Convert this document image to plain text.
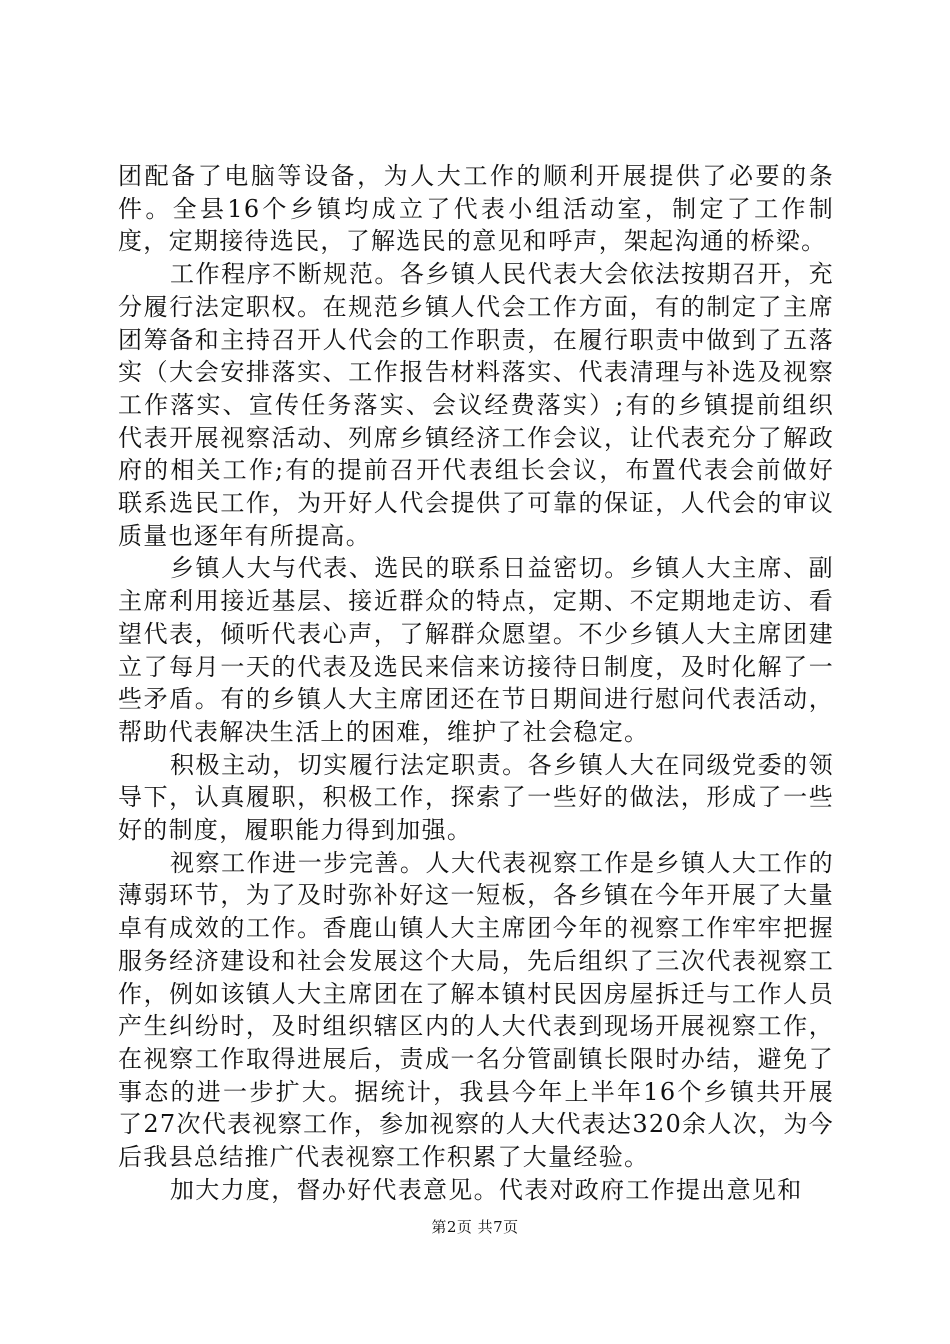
团配备了电脑等设备，为人大工作的顺利开展提供了必要的条件。全县16个乡镇均成立了代表小组活动室，制定了工作制度，定期接待选民，了解选民的意见和呼声，架起沟通的桥梁。

工作程序不断规范。各乡镇人民代表大会依法按期召开，充分履行法定职权。在规范乡镇人代会工作方面，有的制定了主席团筹备和主持召开人代会的工作职责，在履行职责中做到了五落实（大会安排落实、工作报告材料落实、代表清理与补选及视察工作落实、宣传任务落实、会议经费落实）;有的乡镇提前组织代表开展视察活动、列席乡镇经济工作会议，让代表充分了解政府的相关工作;有的提前召开代表组长会议，布置代表会前做好联系选民工作，为开好人代会提供了可靠的保证，人代会的审议质量也逐年有所提高。

乡镇人大与代表、选民的联系日益密切。乡镇人大主席、副主席利用接近基层、接近群众的特点，定期、不定期地走访、看望代表，倾听代表心声，了解群众愿望。不少乡镇人大主席团建立了每月一天的代表及选民来信来访接待日制度，及时化解了一些矛盾。有的乡镇人大主席团还在节日期间进行慰问代表活动，帮助代表解决生活上的困难，维护了社会稳定。

积极主动，切实履行法定职责。各乡镇人大在同级党委的领导下，认真履职，积极工作，探索了一些好的做法，形成了一些好的制度，履职能力得到加强。

视察工作进一步完善。人大代表视察工作是乡镇人大工作的薄弱环节，为了及时弥补好这一短板，各乡镇在今年开展了大量卓有成效的工作。香鹿山镇人大主席团今年的视察工作牢牢把握服务经济建设和社会发展这个大局，先后组织了三次代表视察工作，例如该镇人大主席团在了解本镇村民因房屋拆迁与工作人员产生纠纷时，及时组织辖区内的人大代表到现场开展视察工作，在视察工作取得进展后，责成一名分管副镇长限时办结，避免了事态的进一步扩大。据统计，我县今年上半年16个乡镇共开展了27次代表视察工作，参加视察的人大代表达320余人次，为今后我县总结推广代表视察工作积累了大量经验。

加大力度，督办好代表意见。代表对政府工作提出意见和

第2页 共7页
